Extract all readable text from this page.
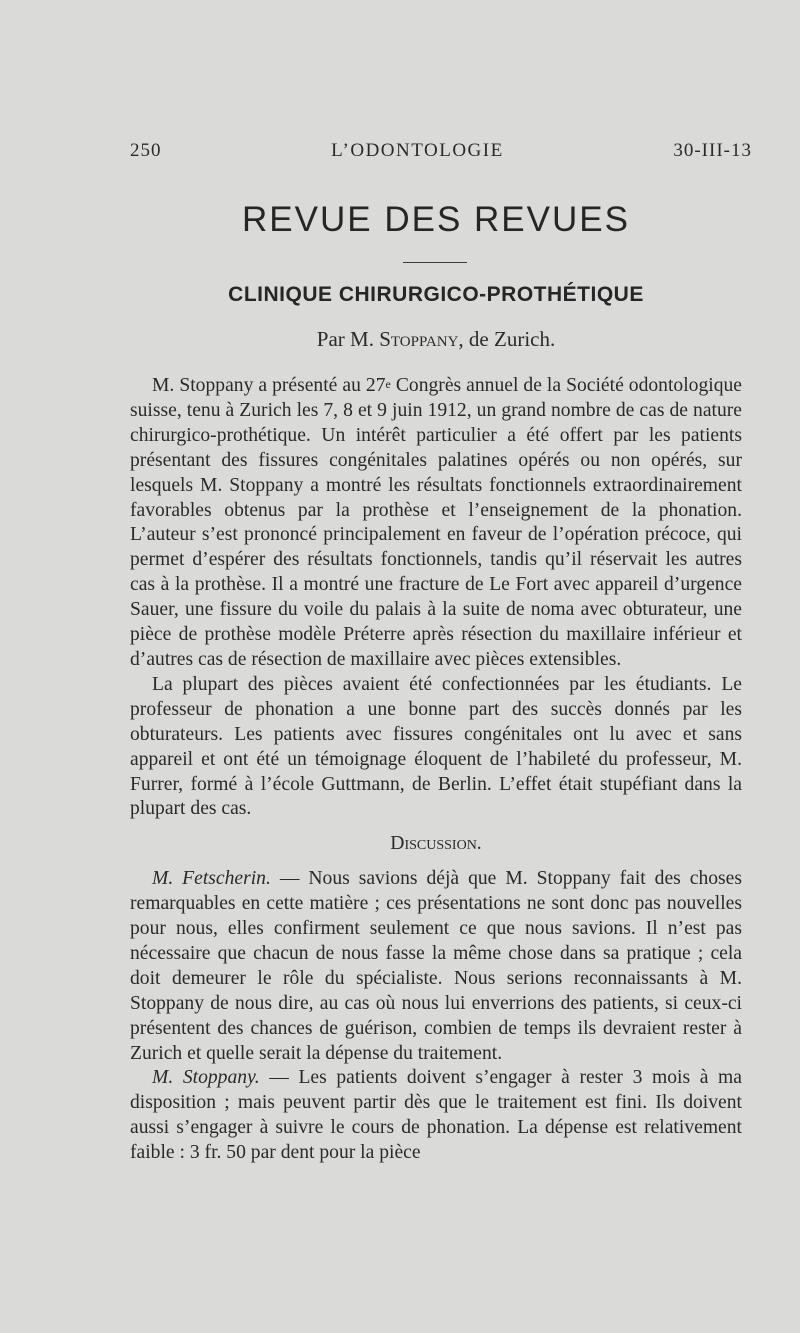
250	L’ODONTOLOGIE	30-III-13
REVUE DES REVUES
CLINIQUE CHIRURGICO-PROTHÉTIQUE
Par M. Stoppany, de Zurich.

M. Stoppany a présenté au 27e Congrès annuel de la Société odontologique suisse, tenu à Zurich les 7, 8 et 9 juin 1912, un grand nombre de cas de nature chirurgico-prothétique. Un intérêt particulier a été offert par les patients présentant des fissures congénitales palatines opérés ou non opérés, sur lesquels M. Stoppany a montré les résultats fonctionnels extraordinairement favorables obtenus par la prothèse et l’enseignement de la phonation. L’auteur s’est prononcé principalement en faveur de l’opération précoce, qui permet d’espérer des résultats fonctionnels, tandis qu’il réservait les autres cas à la prothèse. Il a montré une fracture de Le Fort avec appareil d’urgence Sauer, une fissure du voile du palais à la suite de noma avec obturateur, une pièce de prothèse modèle Préterre après résection du maxillaire inférieur et d’autres cas de résection de maxillaire avec pièces extensibles.

La plupart des pièces avaient été confectionnées par les étudiants. Le professeur de phonation a une bonne part des succès donnés par les obturateurs. Les patients avec fissures congénitales ont lu avec et sans appareil et ont été un témoignage éloquent de l’habileté du professeur, M. Furrer, formé à l’école Guttmann, de Berlin. L’effet était stupéfiant dans la plupart des cas.

Discussion.

M. Fetscherin. — Nous savions déjà que M. Stoppany fait des choses remarquables en cette matière ; ces présentations ne sont donc pas nouvelles pour nous, elles confirment seulement ce que nous savions. Il n’est pas nécessaire que chacun de nous fasse la même chose dans sa pratique ; cela doit demeurer le rôle du spécialiste. Nous serions reconnaissants à M. Stoppany de nous dire, au cas où nous lui enverrions des patients, si ceux-ci présentent des chances de guérison, combien de temps ils devraient rester à Zurich et quelle serait la dépense du traitement.

M. Stoppany. — Les patients doivent s’engager à rester 3 mois à ma disposition ; mais peuvent partir dès que le traitement est fini. Ils doivent aussi s’engager à suivre le cours de phonation. La dépense est relativement faible : 3 fr. 50 par dent pour la pièce
